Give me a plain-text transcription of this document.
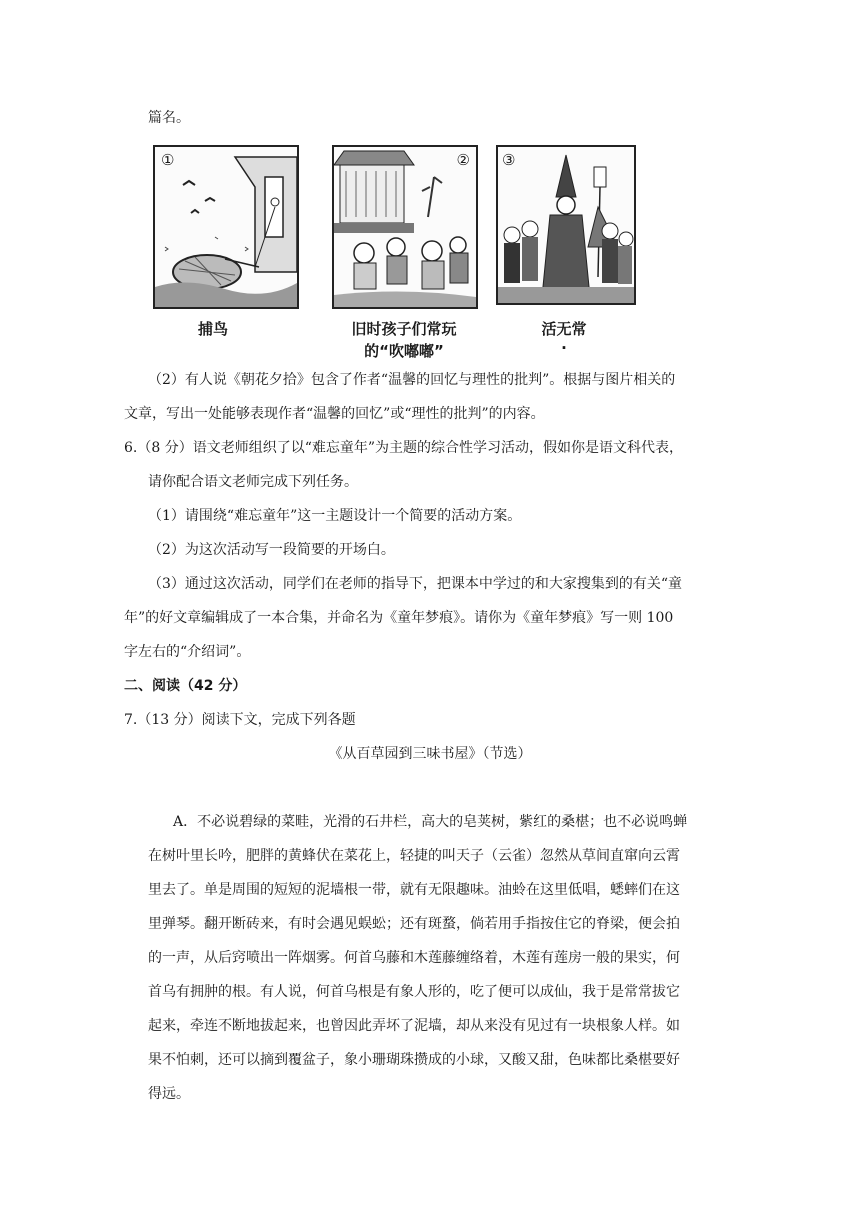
篇名。
①
捕鸟
②
旧时孩子们常玩
的“吹嘟嘟”
③
活无常
·
（2）有人说《朝花夕拾》包含了作者“温馨的回忆与理性的批判”。根据与图片相关的
文章，写出一处能够表现作者“温馨的回忆”或“理性的批判”的内容。
6.（8 分）语文老师组织了以“难忘童年”为主题的综合性学习活动，假如你是语文科代表，
请你配合语文老师完成下列任务。
（1）请围绕“难忘童年”这一主题设计一个简要的活动方案。
（2）为这次活动写一段简要的开场白。
（3）通过这次活动，同学们在老师的指导下，把课本中学过的和大家搜集到的有关“童
年”的好文章编辑成了一本合集，并命名为《童年梦痕》。请你为《童年梦痕》写一则 100
字左右的“介绍词”。
二、阅读（42 分）
7.（13 分）阅读下文，完成下列各题
《从百草园到三味书屋》（节选）
A．不必说碧绿的菜畦，光滑的石井栏，高大的皂荚树，紫红的桑椹；也不必说鸣蝉
在树叶里长吟，肥胖的黄蜂伏在菜花上，轻捷的叫天子（云雀）忽然从草间直窜向云霄
里去了。单是周围的短短的泥墙根一带，就有无限趣味。油蛉在这里低唱，蟋蟀们在这
里弹琴。翻开断砖来，有时会遇见蜈蚣；还有斑蝥，倘若用手指按住它的脊梁，便会拍
的一声，从后窍喷出一阵烟雾。何首乌藤和木莲藤缠络着，木莲有莲房一般的果实，何
首乌有拥肿的根。有人说，何首乌根是有象人形的，吃了便可以成仙，我于是常常拔它
起来，牵连不断地拔起来，也曾因此弄坏了泥墙，却从来没有见过有一块根象人样。如
果不怕刺，还可以摘到覆盆子，象小珊瑚珠攒成的小球，又酸又甜，色味都比桑椹要好
得远。
